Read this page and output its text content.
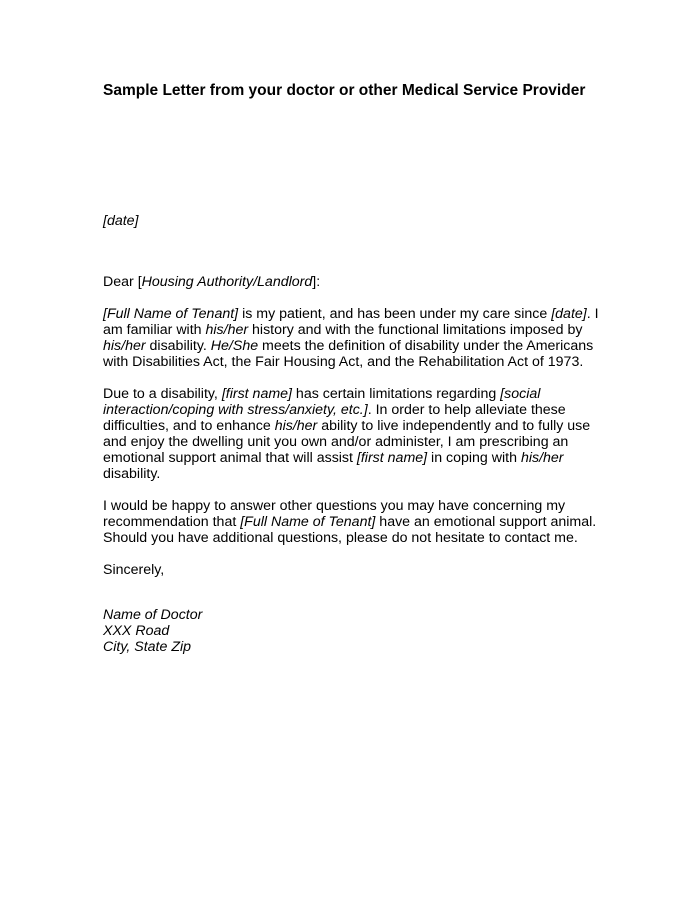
Sample Letter from your doctor or other Medical Service Provider
[date]

Dear [Housing Authority/Landlord]:

[Full Name of Tenant] is my patient, and has been under my care since [date]. I
am familiar with his/her history and with the functional limitations imposed by
his/her disability. He/She meets the definition of disability under the Americans
with Disabilities Act, the Fair Housing Act, and the Rehabilitation Act of 1973.

Due to a disability, [first name] has certain limitations regarding [social
interaction/coping with stress/anxiety, etc.]. In order to help alleviate these
difficulties, and to enhance his/her ability to live independently and to fully use
and enjoy the dwelling unit you own and/or administer, I am prescribing an
emotional support animal that will assist [first name] in coping with his/her
disability.

I would be happy to answer other questions you may have concerning my
recommendation that [Full Name of Tenant] have an emotional support animal.
Should you have additional questions, please do not hesitate to contact me.

Sincerely,

Name of Doctor
XXX Road
City, State Zip
